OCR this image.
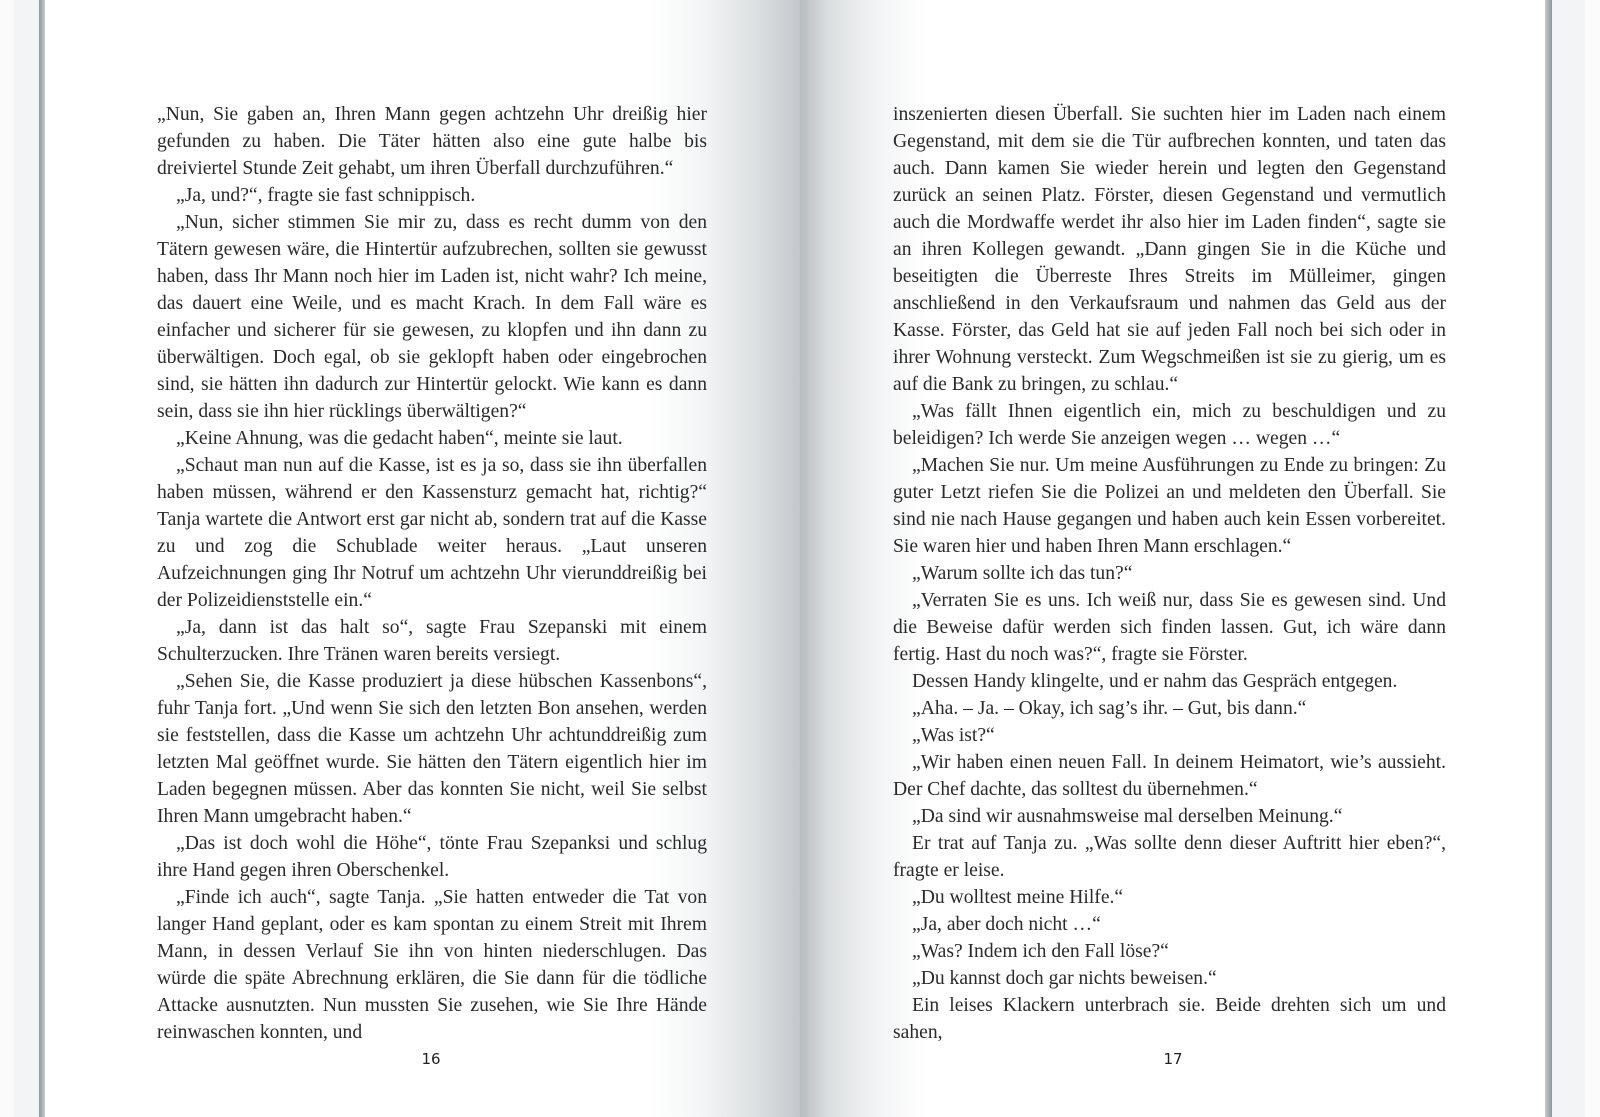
„Nun, Sie gaben an, Ihren Mann gegen achtzehn Uhr dreißig hier gefunden zu haben. Die Täter hätten also eine gute halbe bis dreiviertel Stunde Zeit gehabt, um ihren Überfall durchzuführen.“

„Ja, und?“, fragte sie fast schnippisch.

„Nun, sicher stimmen Sie mir zu, dass es recht dumm von den Tätern gewesen wäre, die Hintertür aufzubrechen, sollten sie gewusst haben, dass Ihr Mann noch hier im Laden ist, nicht wahr? Ich meine, das dauert eine Weile, und es macht Krach. In dem Fall wäre es einfacher und sicherer für sie gewesen, zu klopfen und ihn dann zu überwältigen. Doch egal, ob sie geklopft haben oder eingebrochen sind, sie hätten ihn dadurch zur Hintertür gelockt. Wie kann es dann sein, dass sie ihn hier rücklings überwältigen?“

„Keine Ahnung, was die gedacht haben“, meinte sie laut.

„Schaut man nun auf die Kasse, ist es ja so, dass sie ihn überfallen haben müssen, während er den Kassensturz gemacht hat, richtig?“ Tanja wartete die Antwort erst gar nicht ab, sondern trat auf die Kasse zu und zog die Schublade weiter heraus. „Laut unseren Aufzeichnungen ging Ihr Notruf um achtzehn Uhr vierunddreißig bei der Polizeidienststelle ein.“

„Ja, dann ist das halt so“, sagte Frau Szepanski mit einem Schulterzucken. Ihre Tränen waren bereits versiegt.

„Sehen Sie, die Kasse produziert ja diese hübschen Kassenbons“, fuhr Tanja fort. „Und wenn Sie sich den letzten Bon ansehen, werden sie feststellen, dass die Kasse um achtzehn Uhr achtunddreißig zum letzten Mal geöffnet wurde. Sie hätten den Tätern eigentlich hier im Laden begegnen müssen. Aber das konnten Sie nicht, weil Sie selbst Ihren Mann umgebracht haben.“

„Das ist doch wohl die Höhe“, tönte Frau Szepanksi und schlug ihre Hand gegen ihren Oberschenkel.

„Finde ich auch“, sagte Tanja. „Sie hatten entweder die Tat von langer Hand geplant, oder es kam spontan zu einem Streit mit Ihrem Mann, in dessen Verlauf Sie ihn von hinten niederschlugen. Das würde die späte Abrechnung erklären, die Sie dann für die tödliche Attacke ausnutzten. Nun mussten Sie zusehen, wie Sie Ihre Hände reinwaschen konnten, und

16

inszenierten diesen Überfall. Sie suchten hier im Laden nach einem Gegenstand, mit dem sie die Tür aufbrechen konnten, und taten das auch. Dann kamen Sie wieder herein und legten den Gegenstand zurück an seinen Platz. Förster, diesen Gegenstand und vermutlich auch die Mordwaffe werdet ihr also hier im Laden finden“, sagte sie an ihren Kollegen gewandt. „Dann gingen Sie in die Küche und beseitigten die Überreste Ihres Streits im Mülleimer, gingen anschließend in den Verkaufsraum und nahmen das Geld aus der Kasse. Förster, das Geld hat sie auf jeden Fall noch bei sich oder in ihrer Wohnung versteckt. Zum Wegschmeißen ist sie zu gierig, um es auf die Bank zu bringen, zu schlau.“

„Was fällt Ihnen eigentlich ein, mich zu beschuldigen und zu beleidigen? Ich werde Sie anzeigen wegen … wegen …“

„Machen Sie nur. Um meine Ausführungen zu Ende zu bringen: Zu guter Letzt riefen Sie die Polizei an und meldeten den Überfall. Sie sind nie nach Hause gegangen und haben auch kein Essen vorbereitet. Sie waren hier und haben Ihren Mann erschlagen.“

„Warum sollte ich das tun?“

„Verraten Sie es uns. Ich weiß nur, dass Sie es gewesen sind. Und die Beweise dafür werden sich finden lassen. Gut, ich wäre dann fertig. Hast du noch was?“, fragte sie Förster.

Dessen Handy klingelte, und er nahm das Gespräch entgegen.

„Aha. – Ja. – Okay, ich sag’s ihr. – Gut, bis dann.“

„Was ist?“

„Wir haben einen neuen Fall. In deinem Heimatort, wie’s aussieht. Der Chef dachte, das solltest du übernehmen.“

„Da sind wir ausnahmsweise mal derselben Meinung.“

Er trat auf Tanja zu. „Was sollte denn dieser Auftritt hier eben?“, fragte er leise.

„Du wolltest meine Hilfe.“

„Ja, aber doch nicht …“

„Was? Indem ich den Fall löse?“

„Du kannst doch gar nichts beweisen.“

Ein leises Klackern unterbrach sie. Beide drehten sich um und sahen,

17
